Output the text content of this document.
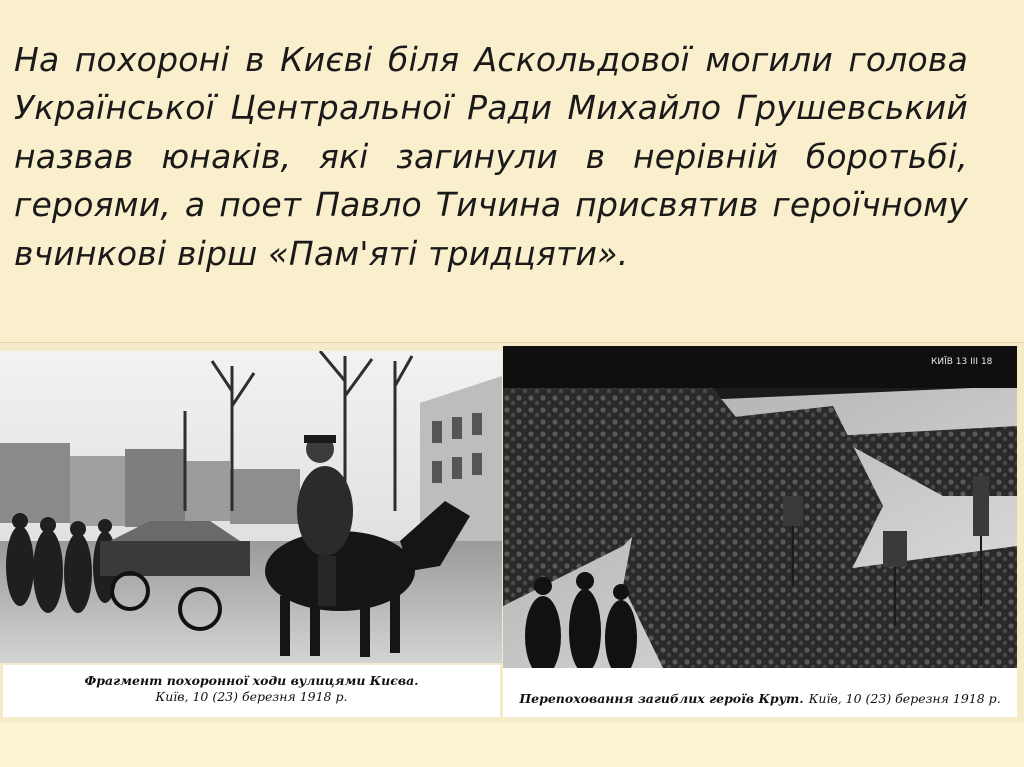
На похороні в Києві біля Аскольдової могили голова Української Центральної Ради Михайло Грушевський назвав юнаків, які загинули в нерівній боротьбі, героями, а поет Павло Тичина присвятив героїчному вчинкові вірш «Пам'яті тридцяти».

КИЇВ 13 III 18
Фрагмент похоронної ходи вулицями Києва.
Київ, 10 (23) березня 1918 р.	Перепоховання загиблих героїв Крут. Київ, 10 (23) березня 1918 р.
